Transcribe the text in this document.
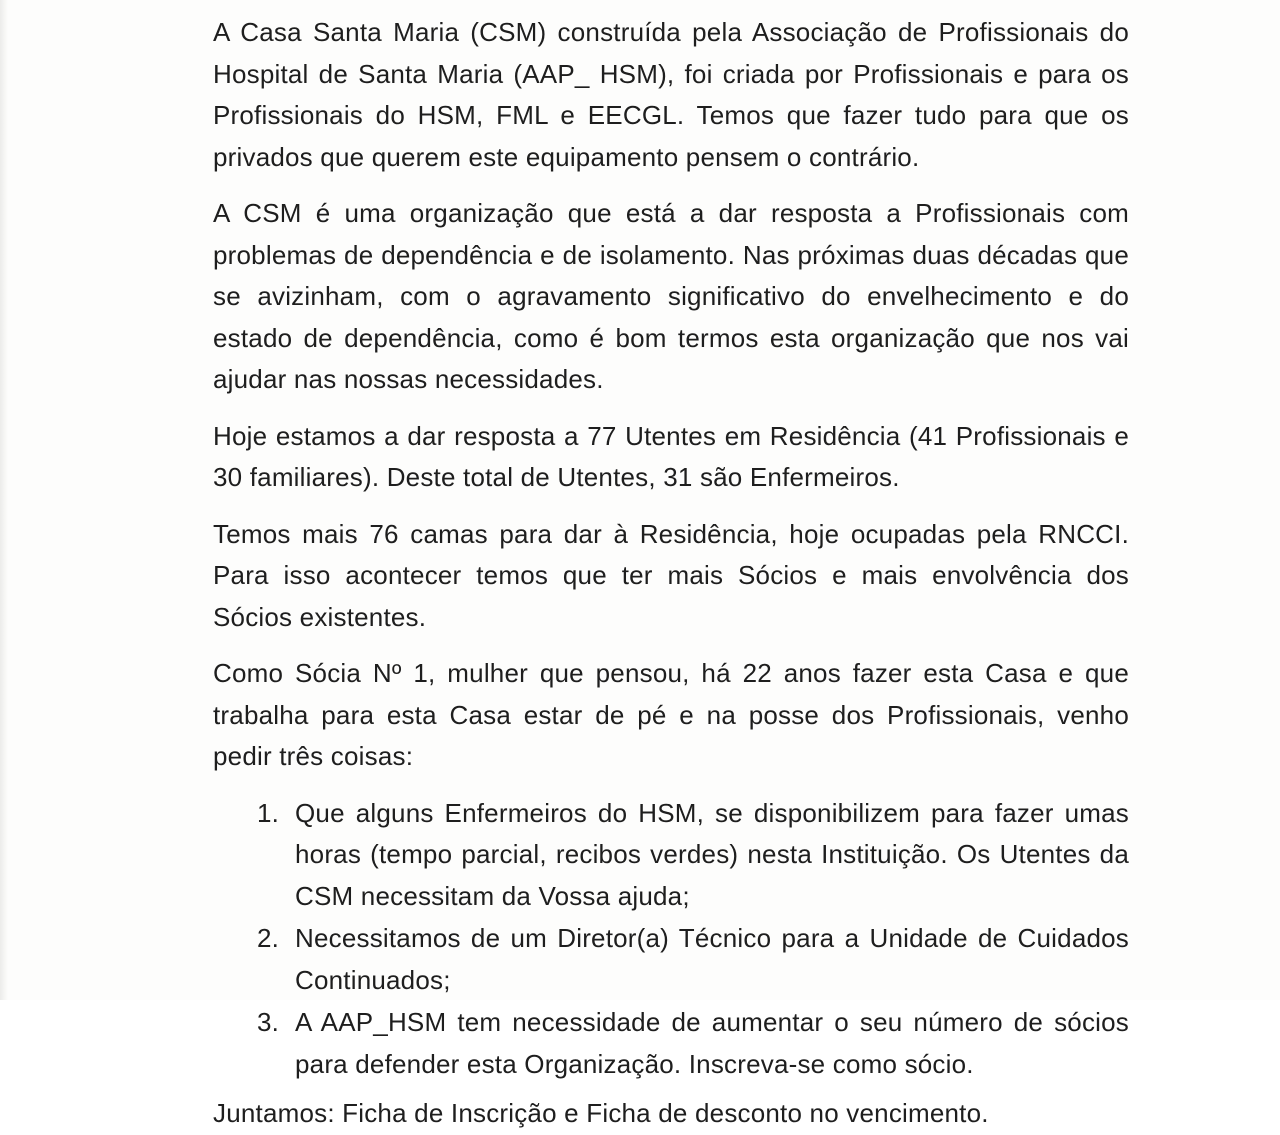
A Casa Santa Maria (CSM) construída pela Associação de Profissionais do Hospital de Santa Maria (AAP_ HSM), foi criada por Profissionais e para os Profissionais do HSM, FML e EECGL. Temos que fazer tudo para que os privados que querem este equipamento pensem o contrário.

A CSM é uma organização que está a dar resposta a Profissionais com problemas de dependência e de isolamento. Nas próximas duas décadas que se avizinham, com o agravamento significativo do envelhecimento e do estado de dependência, como é bom termos esta organização que nos vai ajudar nas nossas necessidades.

Hoje estamos a dar resposta a 77 Utentes em Residência (41 Profissionais e 30 familiares). Deste total de Utentes, 31 são Enfermeiros.

Temos mais 76 camas para dar à Residência, hoje ocupadas pela RNCCI. Para isso acontecer temos que ter mais Sócios e mais envolvência dos Sócios existentes.

Como Sócia Nº 1, mulher que pensou, há 22 anos fazer esta Casa e que trabalha para esta Casa estar de pé e na posse dos Profissionais, venho pedir três coisas:

1. Que alguns Enfermeiros do HSM, se disponibilizem para fazer umas horas (tempo parcial, recibos verdes) nesta Instituição. Os Utentes da CSM necessitam da Vossa ajuda;
2. Necessitamos de um Diretor(a) Técnico para a Unidade de Cuidados Continuados;
3. A AAP_HSM tem necessidade de aumentar o seu número de sócios para defender esta Organização. Inscreva-se como sócio.

Juntamos: Ficha de Inscrição e Ficha de desconto no vencimento.
